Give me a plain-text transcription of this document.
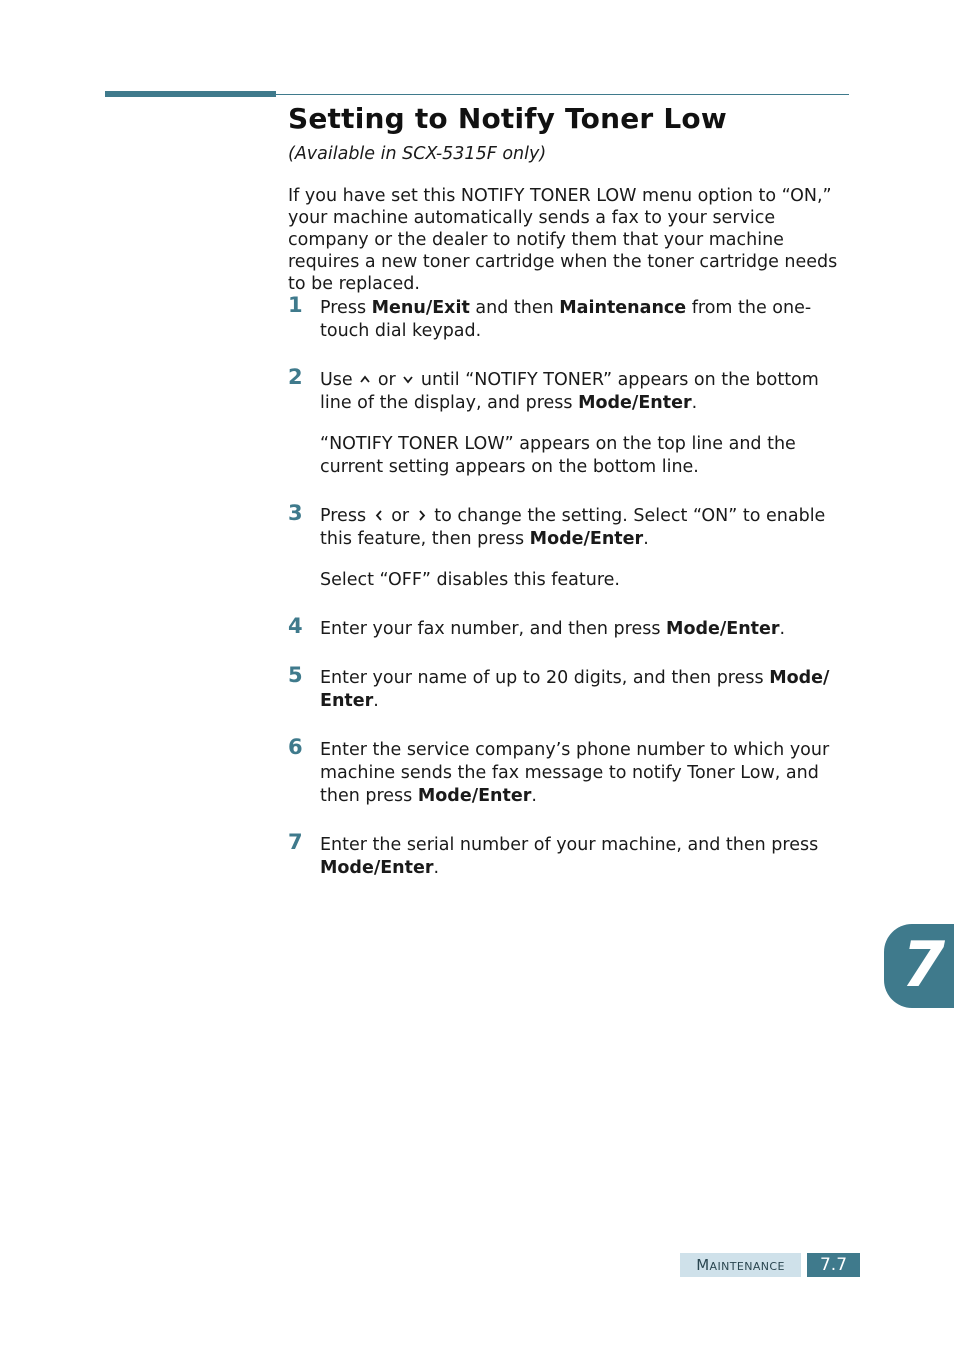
Setting to Notify Toner Low
(Available in SCX-5315F only)
If you have set this NOTIFY TONER LOW menu option to “ON,” your machine automatically sends a fax to your service company or the dealer to notify them that your machine requires a new toner cartridge when the toner cartridge needs to be replaced.
1 Press Menu/Exit and then Maintenance from the one-touch dial keypad.

2 Use
or
until “NOTIFY TONER” appears on the bottom line of the display, and press Mode/Enter.

“NOTIFY TONER LOW” appears on the top line and the current setting appears on the bottom line.

3 Press
or
to change the setting. Select “ON” to enable this feature, then press Mode/Enter.

Select “OFF” disables this feature.

4 Enter your fax number, and then press Mode/Enter.

5 Enter your name of up to 20 digits, and then press Mode/ Enter.

6 Enter the service company’s phone number to which your machine sends the fax message to notify Toner Low, and then press Mode/Enter.

7 Enter the serial number of your machine, and then press Mode/Enter.

7
Maintenance	7.7
